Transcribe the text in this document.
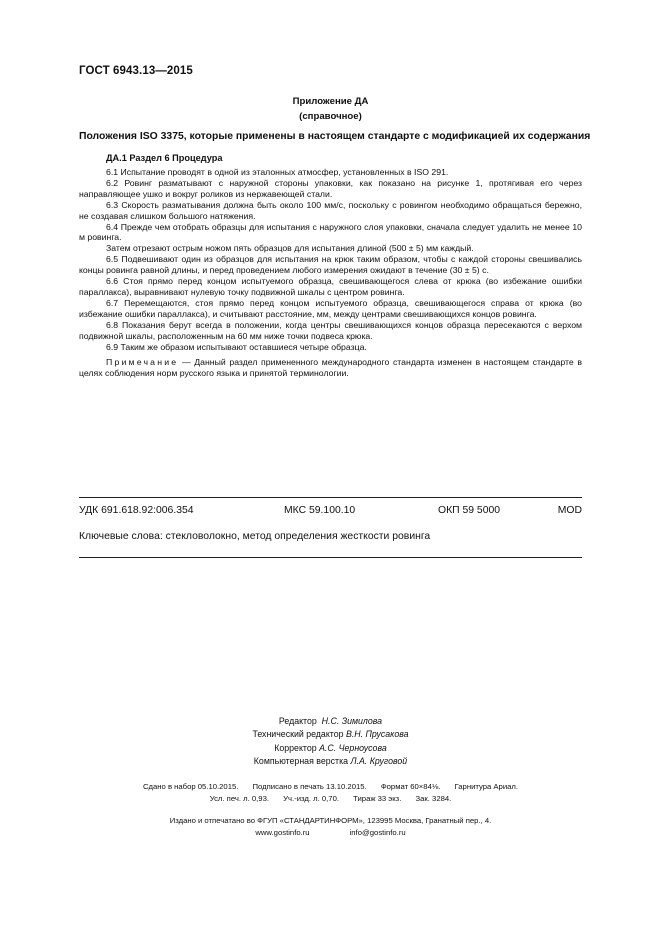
ГОСТ 6943.13—2015
Приложение ДА
(справочное)
Положения ISO 3375, которые применены в настоящем стандарте с модификацией их содержания
ДА.1 Раздел 6 Процедура

6.1 Испытание проводят в одной из эталонных атмосфер, установленных в ISO 291.

6.2 Ровинг разматывают с наружной стороны упаковки, как показано на рисунке 1, протягивая его через направляющее ушко и вокруг роликов из нержавеющей стали.

6.3 Скорость разматывания должна быть около 100 мм/с, поскольку с ровингом необходимо обращаться бережно, не создавая слишком большого натяжения.

6.4 Прежде чем отобрать образцы для испытания с наружного слоя упаковки, сначала следует удалить не менее 10 м ровинга.

Затем отрезают острым ножом пять образцов для испытания длиной (500 ± 5) мм каждый.

6.5 Подвешивают один из образцов для испытания на крюк таким образом, чтобы с каждой стороны свешивались концы ровинга равной длины, и перед проведением любого измерения ожидают в течение (30 ± 5) с.

6.6 Стоя прямо перед концом испытуемого образца, свешивающегося слева от крюка (во избежание ошибки параллакса), выравнивают нулевую точку подвижной шкалы с центром ровинга.

6.7 Перемещаются, стоя прямо перед концом испытуемого образца, свешивающегося справа от крюка (во избежание ошибки параллакса), и считывают расстояние, мм, между центрами свешивающихся концов ровинга.

6.8 Показания берут всегда в положении, когда центры свешивающихся концов образца пересекаются с верхом подвижной шкалы, расположенным на 60 мм ниже точки подвеса крюка.

6.9 Таким же образом испытывают оставшиеся четыре образца.

Примечание — Данный раздел примененного международного стандарта изменен в настоящем стандарте в целях соблюдения норм русского языка и принятой терминологии.

УДК 691.618.92:006.354	МКС 59.100.10	ОКП 59 5000	MOD
Ключевые слова: стекловолокно, метод определения жесткости ровинга
Редактор Н.С. Зимилова
Технический редактор В.Н. Прусакова
Корректор А.С. Черноусова
Компьютерная верстка Л.А. Круговой
Сдано в набор 05.10.2015. Подписано в печать 13.10.2015. Формат 60×84⅛. Гарнитура Ариал.
Усл. печ. л. 0,93. Уч.-изд. л. 0,70. Тираж 33 экз. Зак. 3284.
Издано и отпечатано во ФГУП «СТАНДАРТИНФОРМ», 123995 Москва, Гранатный пер., 4.
www.gostinfo.ru	info@gostinfo.ru
